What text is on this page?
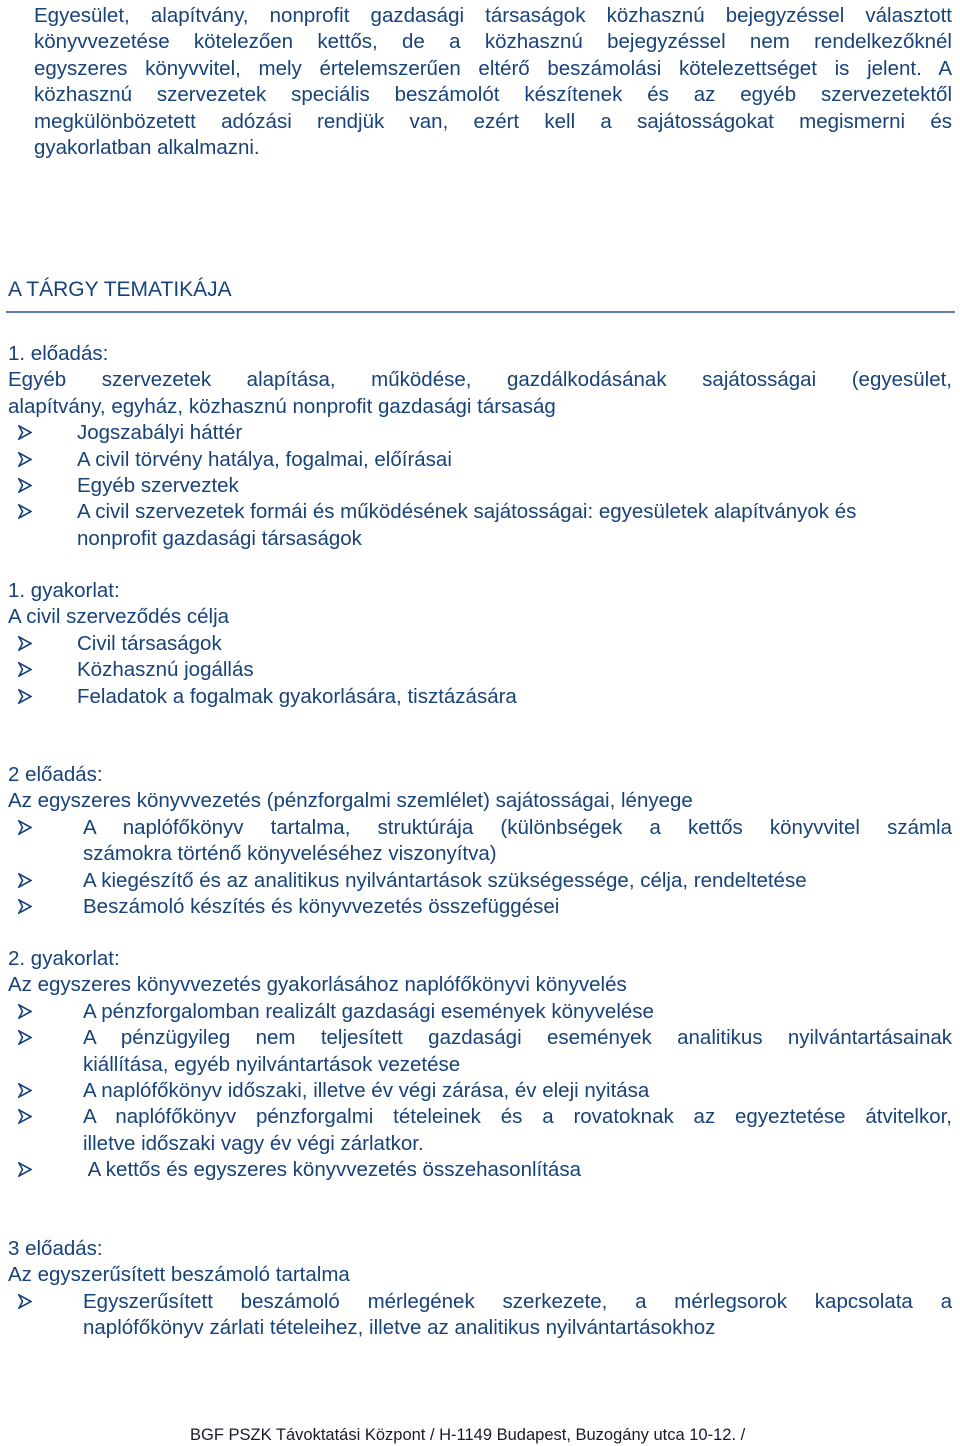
Egyesület, alapítvány, nonprofit gazdasági társaságok közhasznú bejegyzéssel választott
könyvvezetése kötelezően kettős, de a közhasznú bejegyzéssel nem rendelkezőknél
egyszeres könyvvitel, mely értelemszerűen eltérő beszámolási kötelezettséget is jelent. A
közhasznú szervezetek speciális beszámolót készítenek és az egyéb szervezetektől
megkülönbözetett adózási rendjük van, ezért kell a sajátosságokat megismerni és
gyakorlatban alkalmazni.
A TÁRGY TEMATIKÁJA
1. előadás:
Egyéb szervezetek alapítása, működése, gazdálkodásának sajátosságai (egyesület,
alapítvány, egyház, közhasznú nonprofit gazdasági társaság
Jogszabályi háttér
A civil törvény hatálya, fogalmai, előírásai
Egyéb szerveztek
A civil szervezetek formái és működésének sajátosságai: egyesületek alapítványok és
nonprofit gazdasági társaságok
1. gyakorlat:
A civil szerveződés célja
Civil társaságok
Közhasznú jogállás
Feladatok a fogalmak gyakorlására, tisztázására
2 előadás:
Az egyszeres könyvvezetés (pénzforgalmi szemlélet) sajátosságai, lényege
A naplófőkönyv tartalma, struktúrája (különbségek a kettős könyvvitel számla
számokra történő könyveléséhez viszonyítva)
A kiegészítő és az analitikus nyilvántartások szükségessége, célja, rendeltetése
Beszámoló készítés és könyvvezetés összefüggései
2. gyakorlat:
Az egyszeres könyvvezetés gyakorlásához naplófőkönyvi könyvelés
A pénzforgalomban realizált gazdasági események könyvelése
A pénzügyileg nem teljesített gazdasági események analitikus nyilvántartásainak
kiállítása, egyéb nyilvántartások vezetése
A naplófőkönyv időszaki, illetve év végi zárása, év eleji nyitása
A naplófőkönyv pénzforgalmi tételeinek és a rovatoknak az egyeztetése átvitelkor,
illetve időszaki vagy év végi zárlatkor.
A kettős és egyszeres könyvvezetés összehasonlítása
3 előadás:
Az egyszerűsített beszámoló tartalma
Egyszerűsített beszámoló mérlegének szerkezete, a mérlegsorok kapcsolata a
naplófőkönyv zárlati tételeihez, illetve az analitikus nyilvántartásokhoz
BGF PSZK Távoktatási Központ / H-1149 Budapest, Buzogány utca 10-12. /
